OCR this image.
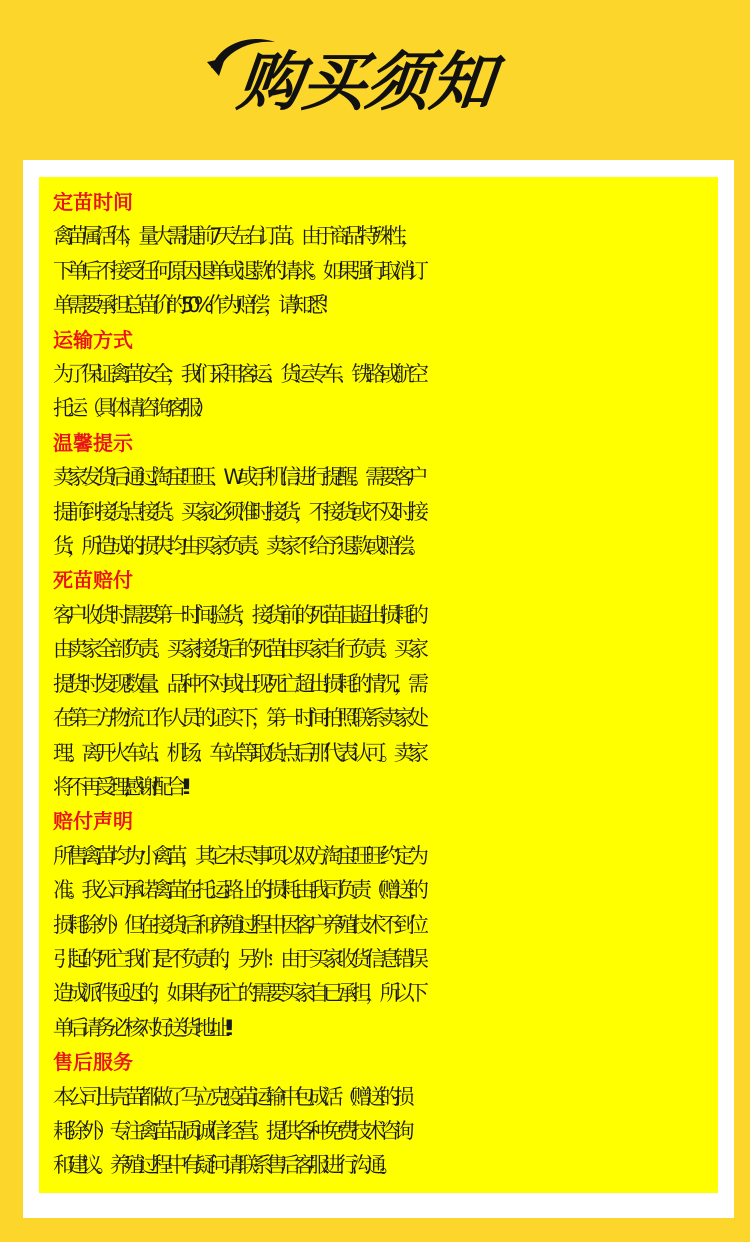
购买须知
定苗时间
禽苗属活体，量大需提前7天左右订苗。由于商品特殊性，
下单后不接受任何原因退单或退款的请求。如果强行取消订
单需要承担总苗价的50%作为赔偿，请知悉！
运输方式
为了保证禽苗安全，我们采用客运、货运专车、铁路或航空
托运（具体请咨询客服）
温馨提示
卖家发货后通过淘宝旺旺、W或手机信进行提醒。需要客户
提前到接货点接货。买家必须准时接货，不接货或不及时接
货，所造成的损失均由买家负责。卖家不给予退款或赔偿。
死苗赔付
客户收货时需要第一时间验货，接货前的死苗且超出损耗的
由卖家全部负责。买家接货后的死苗由买家自行负责。买家
提货时发现数量、品种不对或出现死亡超出损耗的情况，需
在第三方物流工作人员的证实下，第一时间拍照联系卖家处
理。离开火车站、机场、车站等取货点后那代表认可。卖家
将不再受理,感谢配合!!!
赔付声明
所售禽苗均为小禽苗，其它未尽事项以双方淘宝旺旺约定为
准。我公司承诺禽苗在托运路上的损耗由我司负责（赠送的
损耗除外）但在接货后和养殖过程中因客户养殖技术不到位
引起的死亡我们是不负责的，另外：由于买家收货信息错误
造成派件延迟的，如果有死亡的需要买家自已承担，所以下
单后请务必核对好送货地址!!!
售后服务
本公司出壳苗都做了马立克疫苗,运输中包成活（赠送的损
耗除外）专注禽苗品质,诚信经营。提供各种免费技术咨询
和建议。养殖过程中有疑问请联系售后客服进行沟通。
